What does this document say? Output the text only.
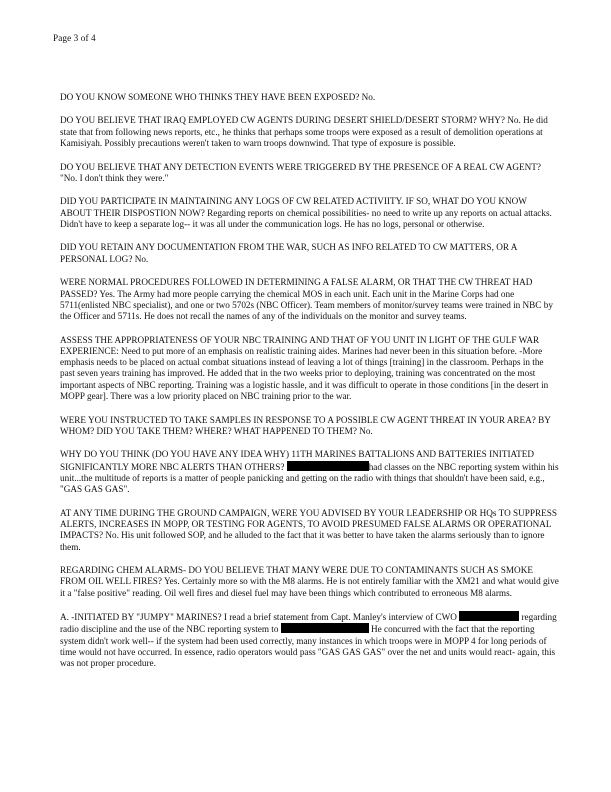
Page 3 of 4

DO YOU KNOW SOMEONE WHO THINKS THEY HAVE BEEN EXPOSED? No.

DO YOU BELIEVE THAT IRAQ EMPLOYED CW AGENTS DURING DESERT SHIELD/DESERT STORM? WHY? No. He did state that from following news reports, etc., he thinks that perhaps some troops were exposed as a result of demolition operations at Kamisiyah. Possibly precautions weren't taken to warn troops downwind. That type of exposure is possible.

DO YOU BELIEVE THAT ANY DETECTION EVENTS WERE TRIGGERED BY THE PRESENCE OF A REAL CW AGENT? "No. I don't think they were."

DID YOU PARTICIPATE IN MAINTAINING ANY LOGS OF CW RELATED ACTIVIITY. IF SO, WHAT DO YOU KNOW ABOUT THEIR DISPOSTION NOW? Regarding reports on chemical possibilities- no need to write up any reports on actual attacks. Didn't have to keep a separate log-- it was all under the communication logs. He has no logs, personal or otherwise.

DID YOU RETAIN ANY DOCUMENTATION FROM THE WAR, SUCH AS INFO RELATED TO CW MATTERS, OR A PERSONAL LOG? No.

WERE NORMAL PROCEDURES FOLLOWED IN DETERMINING A FALSE ALARM, OR THAT THE CW THREAT HAD PASSED? Yes. The Army had more people carrying the chemical MOS in each unit. Each unit in the Marine Corps had one 5711(enlisted NBC specialist), and one or two 5702s (NBC Officer). Team members of monitor/survey teams were trained in NBC by the Officer and 5711s. He does not recall the names of any of the individuals on the monitor and survey teams.

ASSESS THE APPROPRIATENESS OF YOUR NBC TRAINING AND THAT OF YOU UNIT IN LIGHT OF THE GULF WAR EXPERIENCE: Need to put more of an emphasis on realistic training aides. Marines had never been in this situation before. -More emphasis needs to be placed on actual combat situations instead of leaving a lot of things [training] in the classroom. Perhaps in the past seven years training has improved. He added that in the two weeks prior to deploying, training was concentrated on the most important aspects of NBC reporting. Training was a logistic hassle, and it was difficult to operate in those conditions [in the desert in MOPP gear]. There was a low priority placed on NBC training prior to the war.

WERE YOU INSTRUCTED TO TAKE SAMPLES IN RESPONSE TO A POSSIBLE CW AGENT THREAT IN YOUR AREA? BY WHOM? DID YOU TAKE THEM? WHERE? WHAT HAPPENED TO THEM? No.

WHY DO YOU THINK (DO YOU HAVE ANY IDEA WHY) 11TH MARINES BATTALIONS AND BATTERIES INITIATED SIGNIFICANTLY MORE NBC ALERTS THAN OTHERS?	had classes on the NBC reporting system within his unit...the multitude of reports is a matter of people panicking and getting on the radio with things that shouldn't have been said, e.g., "GAS GAS GAS".

AT ANY TIME DURING THE GROUND CAMPAIGN, WERE YOU ADVISED BY YOUR LEADERSHIP OR HQs TO SUPPRESS ALERTS, INCREASES IN MOPP, OR TESTING FOR AGENTS, TO AVOID PRESUMED FALSE ALARMS OR OPERATIONAL IMPACTS? No. His unit followed SOP, and he alluded to the fact that it was better to have taken the alarms seriously than to ignore them.

REGARDING CHEM ALARMS- DO YOU BELIEVE THAT MANY WERE DUE TO CONTAMINANTS SUCH AS SMOKE FROM OIL WELL FIRES? Yes. Certainly more so with the M8 alarms. He is not entirely familiar with the XM21 and what would give it a "false positive" reading. Oil well fires and diesel fuel may have been things which contributed to erroneous M8 alarms.

A. -INITIATED BY "JUMPY" MARINES? I read a brief statement from Capt. Manley's interview of CWO	regarding radio discipline and the use of the NBC reporting system to	He concurred with the fact that the reporting system didn't work well-- if the system had been used correctly, many instances in which troops were in MOPP 4 for long periods of time would not have occurred. In essence, radio operators would pass "GAS GAS GAS" over the net and units would react- again, this was not proper procedure.
